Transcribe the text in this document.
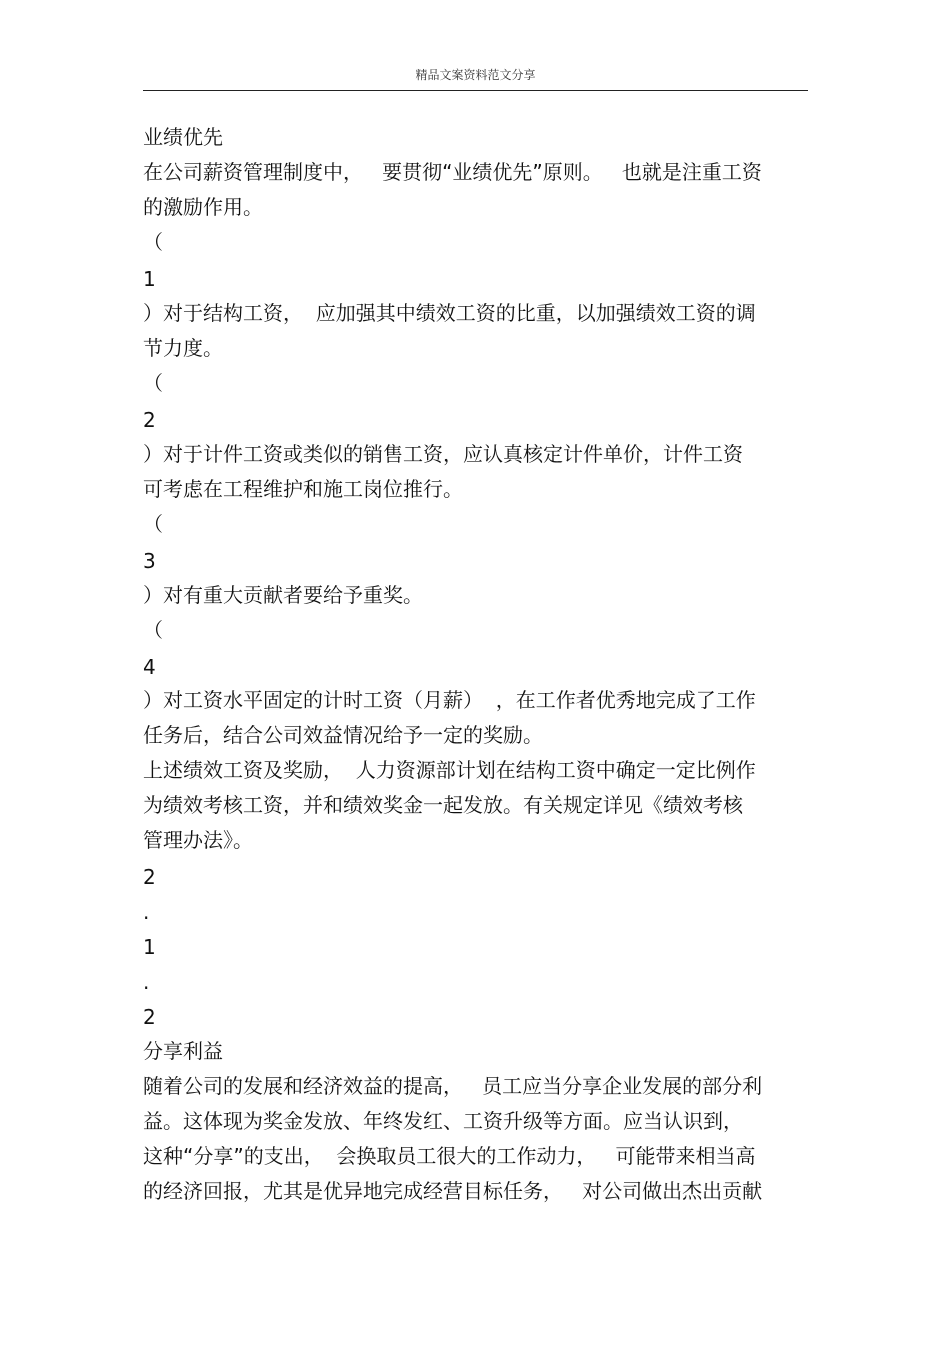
精品文案资料范文分享
业绩优先
在公司薪资管理制度中，   要贯彻“业绩优先”原则。   也就是注重工资
的激励作用。
（
1
）对于结构工资，  应加强其中绩效工资的比重，以加强绩效工资的调
节力度。
（
2
）对于计件工资或类似的销售工资，应认真核定计件单价，计件工资
可考虑在工程维护和施工岗位推行。
（
3
）对有重大贡献者要给予重奖。
（
4
）对工资水平固定的计时工资（月薪）  ，在工作者优秀地完成了工作
任务后，结合公司效益情况给予一定的奖励。
上述绩效工资及奖励，  人力资源部计划在结构工资中确定一定比例作
为绩效考核工资，并和绩效奖金一起发放。有关规定详见《绩效考核
管理办法》。
2
.
1
.
2
分享利益
随着公司的发展和经济效益的提高，   员工应当分享企业发展的部分利
益。这体现为奖金发放、年终发红、工资升级等方面。应当认识到，
这种“分享”的支出，  会换取员工很大的工作动力，   可能带来相当高
的经济回报，尤其是优异地完成经营目标任务，   对公司做出杰出贡献
